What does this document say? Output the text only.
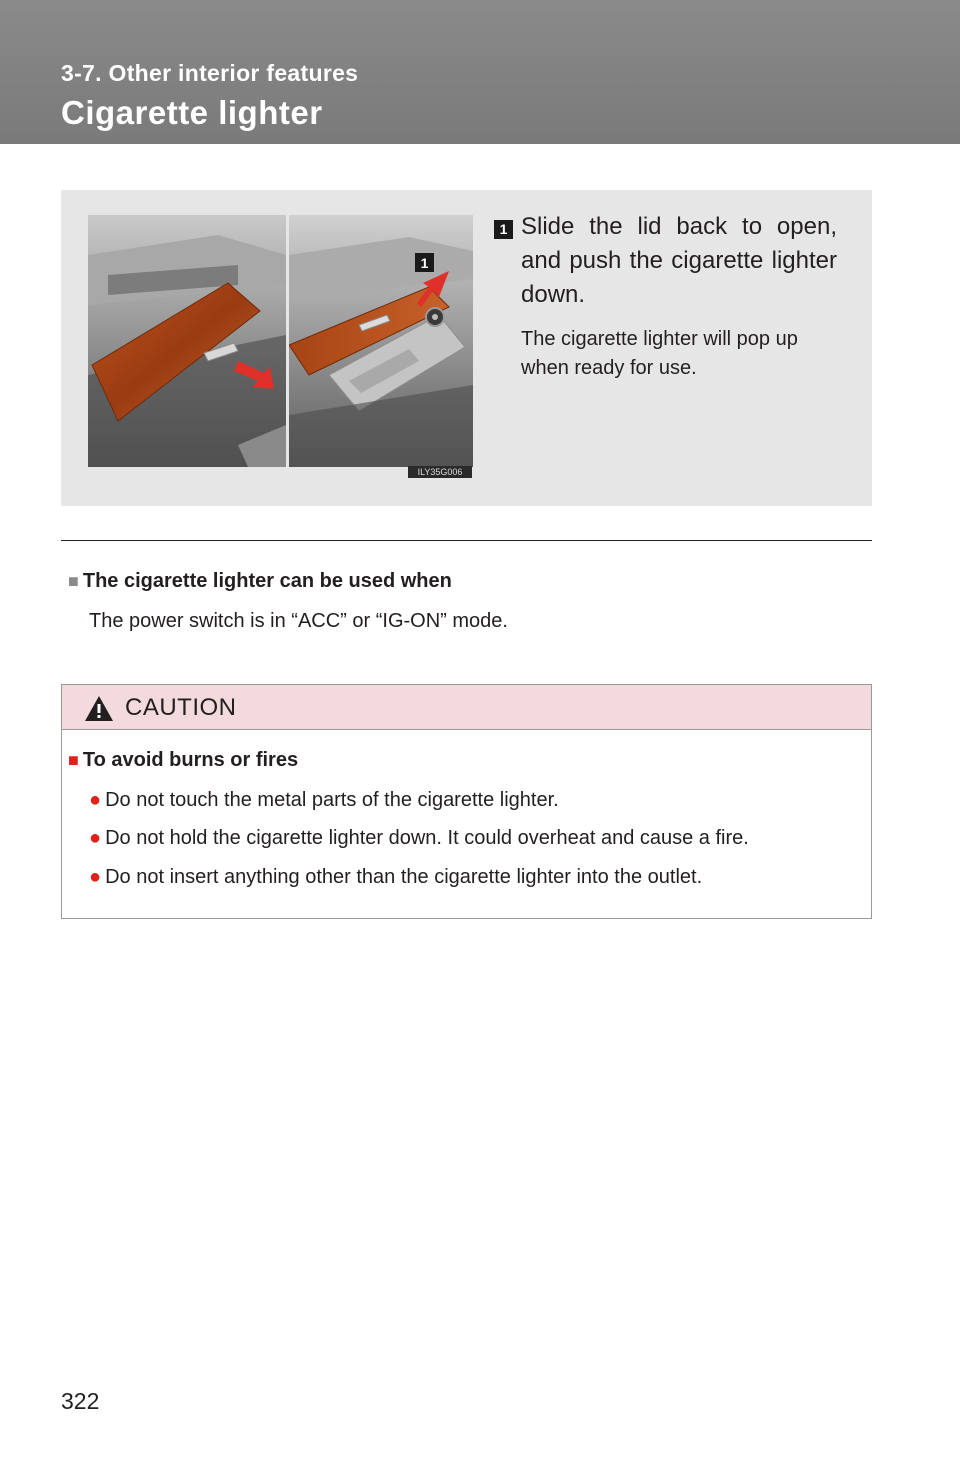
3-7. Other interior features
Cigarette lighter
1
ILY35G006
1 Slide the lid back to open, and push the cigarette lighter down.
The cigarette lighter will pop up when ready for use.
■ The cigarette lighter can be used when
The power switch is in “ACC” or “IG-ON” mode.
CAUTION
■ To avoid burns or fires
● Do not touch the metal parts of the cigarette lighter.
● Do not hold the cigarette lighter down. It could overheat and cause a fire.
● Do not insert anything other than the cigarette lighter into the outlet.
322
